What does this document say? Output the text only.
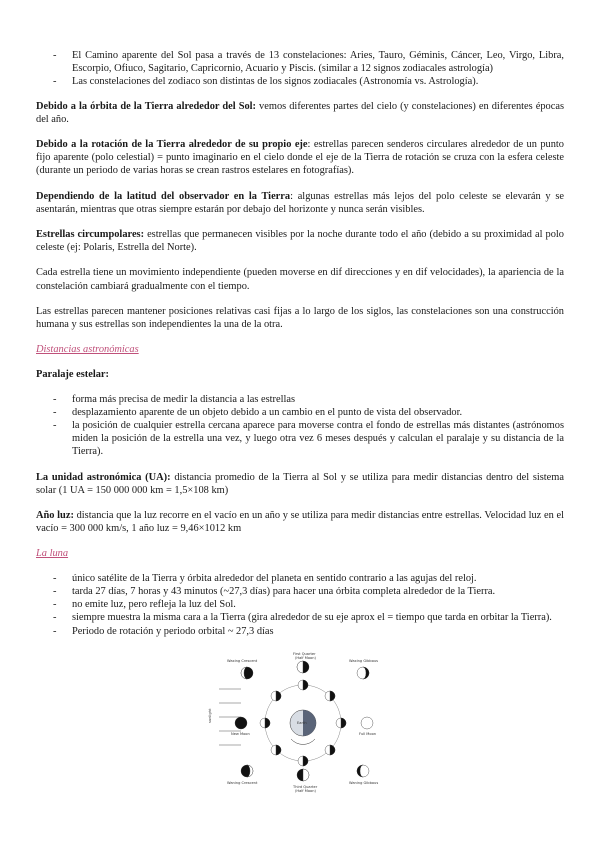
- El Camino aparente del Sol pasa a través de 13 constelaciones: Aries, Tauro, Géminis, Cáncer, Leo, Virgo, Libra, Escorpio, Ofiuco, Sagitario, Capricornio, Acuario y Piscis. (similar a 12 signos zodiacales astrología)
- Las constelaciones del zodiaco son distintas de los signos zodiacales (Astronomía vs. Astrología).

Debido a la órbita de la Tierra alrededor del Sol: vemos diferentes partes del cielo (y constelaciones) en diferentes épocas del año.

Debido a la rotación de la Tierra alrededor de su propio eje: estrellas parecen senderos circulares alrededor de un punto fijo aparente (polo celestial) = punto imaginario en el cielo donde el eje de la Tierra de rotación se cruza con la esfera celeste (durante un periodo de varias horas se crean rastros estelares en fotografías).

Dependiendo de la latitud del observador en la Tierra: algunas estrellas más lejos del polo celeste se elevarán y se asentarán, mientras que otras siempre estarán por debajo del horizonte y nunca serán visibles.

Estrellas circumpolares: estrellas que permanecen visibles por la noche durante todo el año (debido a su proximidad al polo celeste (ej: Polaris, Estrella del Norte).

Cada estrella tiene un movimiento independiente (pueden moverse en dif direcciones y en dif velocidades), la apariencia de la constelación cambiará gradualmente con el tiempo.

Las estrellas parecen mantener posiciones relativas casi fijas a lo largo de los siglos, las constelaciones son una construcción humana y sus estrellas son independientes la una de la otra.

Distancias astronómicas

Paralaje estelar:

- forma más precisa de medir la distancia a las estrellas
- desplazamiento aparente de un objeto debido a un cambio en el punto de vista del observador.
- la posición de cualquier estrella cercana aparece para moverse contra el fondo de estrellas más distantes (astrónomos miden la posición de la estrella una vez, y luego otra vez 6 meses después y calculan el paralaje y su distancia de la Tierra).

La unidad astronómica (UA): distancia promedio de la Tierra al Sol y se utiliza para medir distancias dentro del sistema solar (1 UA = 150 000 000 km = 1,5×108 km)

Año luz: distancia que la luz recorre en el vacío en un año y se utiliza para medir distancias entre estrellas. Velocidad luz en el vacío = 300 000 km/s, 1 año luz = 9,46×1012 km

La luna

- único satélite de la Tierra y órbita alrededor del planeta en sentido contrario a las agujas del reloj.
- tarda 27 días, 7 horas y 43 minutos (~27,3 días) para hacer una órbita completa alrededor de la Tierra.
- no emite luz, pero refleja la luz del Sol.
- siempre muestra la misma cara a la Tierra (gira alrededor de su eje aprox el = tiempo que tarda en orbitar la Tierra).
- Periodo de rotación y periodo orbital ~ 27,3 días
sunlight	Earth
First Quarter
(Half Moon)
Waxing Crescent	Waxing Gibbous
New Moon	Full Moon
Waning Crescent	Waning Gibbous
Third Quarter
(Half Moon)
